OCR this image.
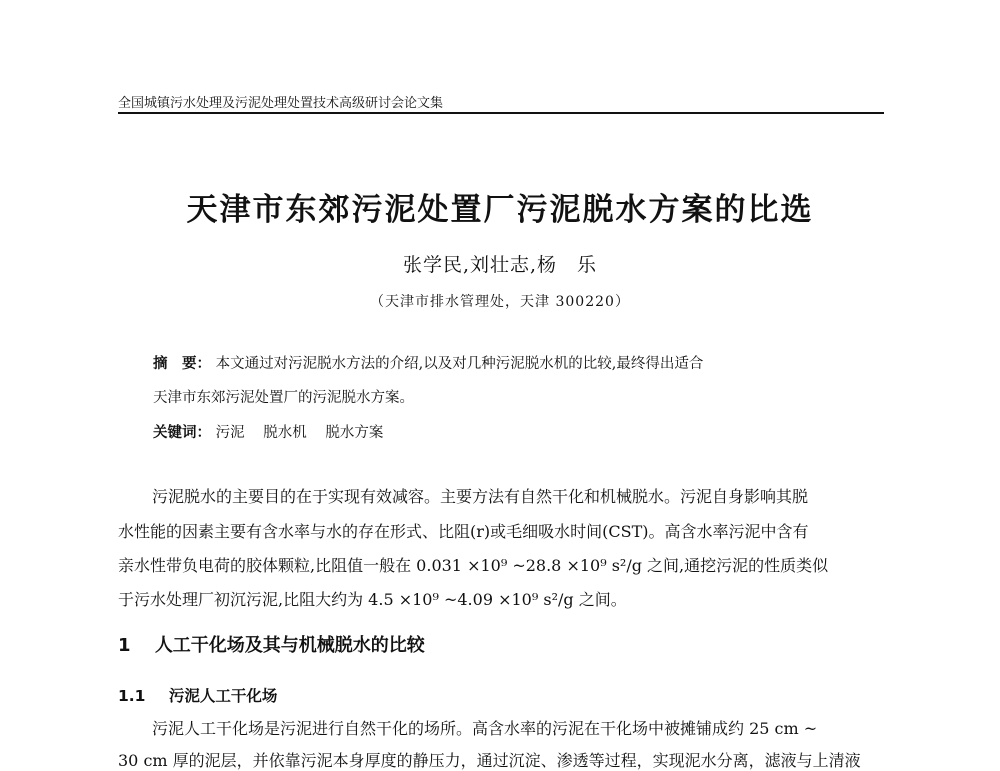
全国城镇污水处理及污泥处理处置技术高级研讨会论文集
天津市东郊污泥处置厂污泥脱水方案的比选
张学民,刘壮志,杨　乐
（天津市排水管理处，天津 300220）
摘　要： 本文通过对污泥脱水方法的介绍,以及对几种污泥脱水机的比较,最终得出适合
天津市东郊污泥处置厂的污泥脱水方案。
关键词： 污泥 脱水机 脱水方案
污泥脱水的主要目的在于实现有效减容。主要方法有自然干化和机械脱水。污泥自身影响其脱
水性能的因素主要有含水率与水的存在形式、比阻(r)或毛细吸水时间(CST)。高含水率污泥中含有
亲水性带负电荷的胶体颗粒,比阻值一般在 0.031 ×10⁹ ~28.8 ×10⁹ s²/g 之间,通挖污泥的性质类似
于污水处理厂初沉污泥,比阻大约为 4.5 ×10⁹ ~4.09 ×10⁹ s²/g 之间。
1 人工干化场及其与机械脱水的比较
1.1 污泥人工干化场
污泥人工干化场是污泥进行自然干化的场所。高含水率的污泥在干化场中被摊铺成约 25 cm ~
30 cm 厚的泥层，并依靠污泥本身厚度的静压力，通过沉淀、渗透等过程，实现泥水分离，滤液与上清液
